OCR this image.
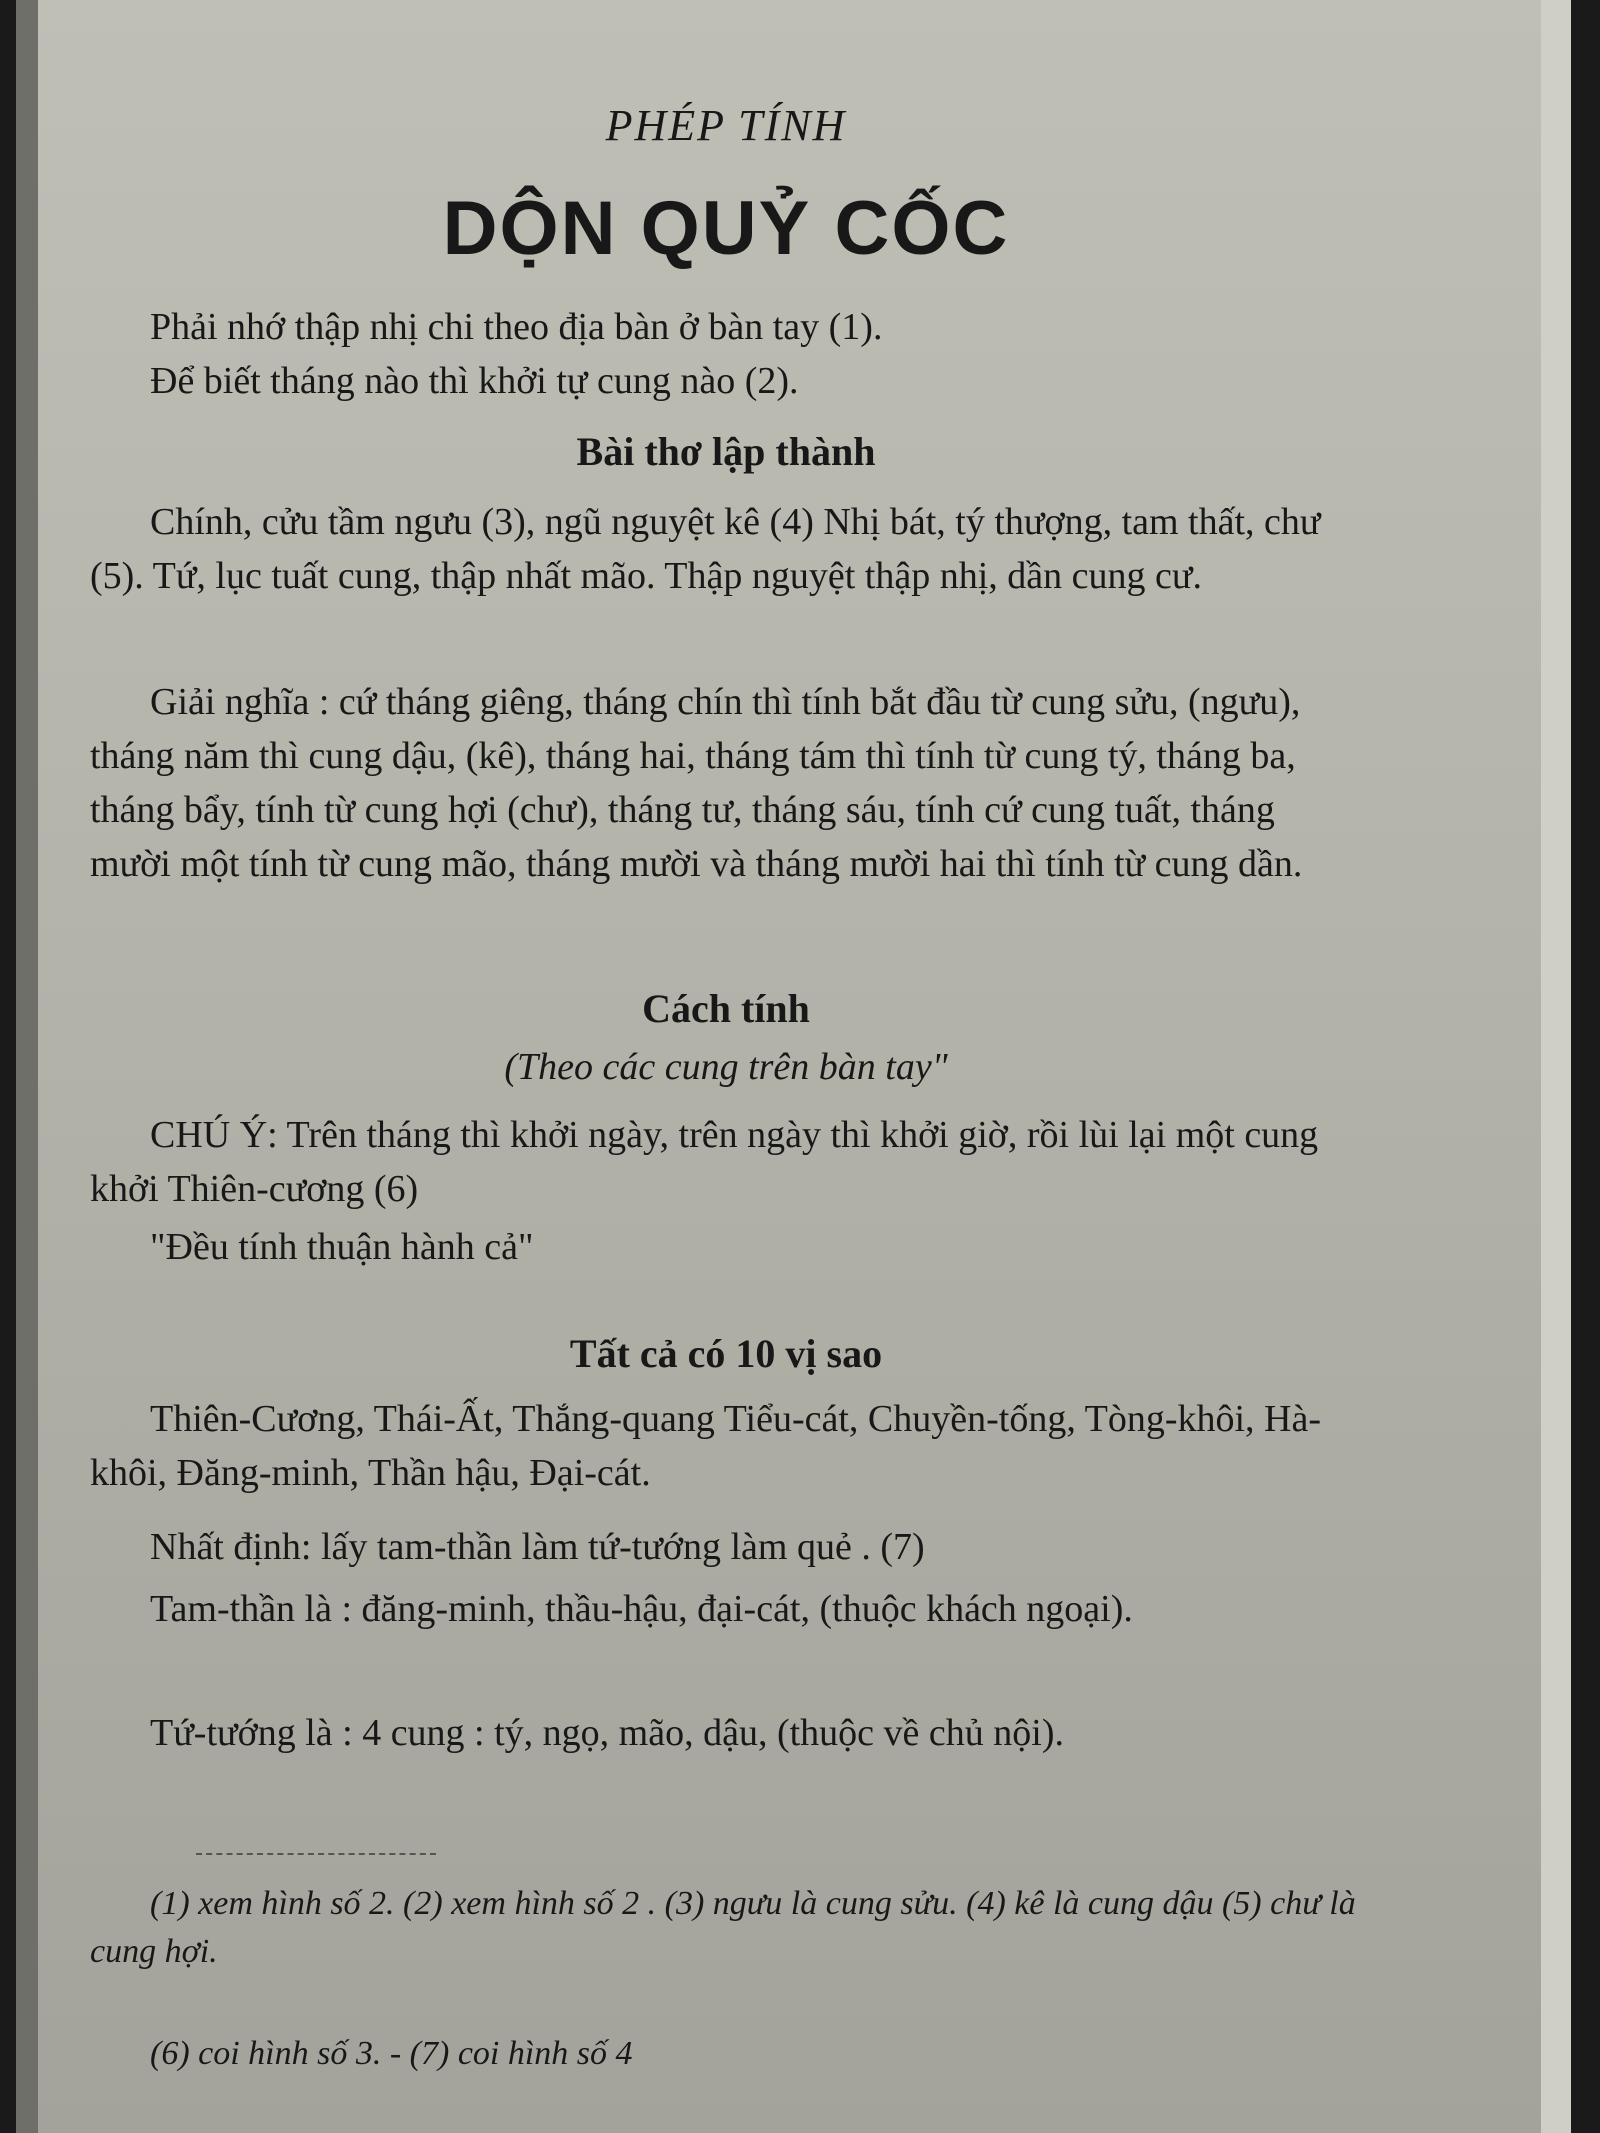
PHÉP TÍNH
DỘN QUỶ CỐC

Phải nhớ thập nhị chi theo địa bàn ở bàn tay (1).

Để biết tháng nào thì khởi tự cung nào (2).

Bài thơ lập thành

Chính, cửu tầm ngưu (3), ngũ nguyệt kê (4) Nhị bát, tý thượng, tam thất, chư (5). Tứ, lục tuất cung, thập nhất mão. Thập nguyệt thập nhị, dần cung cư.

Giải nghĩa : cứ tháng giêng, tháng chín thì tính bắt đầu từ cung sửu, (ngưu), tháng năm thì cung dậu, (kê), tháng hai, tháng tám thì tính từ cung tý, tháng ba, tháng bẩy, tính từ cung hợi (chư), tháng tư, tháng sáu, tính cứ cung tuất, tháng mười một tính từ cung mão, tháng mười và tháng mười hai thì tính từ cung dần.

Cách tính
(Theo các cung trên bàn tay"

CHÚ Ý: Trên tháng thì khởi ngày, trên ngày thì khởi giờ, rồi lùi lại một cung khởi Thiên-cương (6)

"Đều tính thuận hành cả"

Tất cả có 10 vị sao

Thiên-Cương, Thái-Ất, Thắng-quang Tiểu-cát, Chuyền-tống, Tòng-khôi, Hà-khôi, Đăng-minh, Thần hậu, Đại-cát.

Nhất định: lấy tam-thần làm tứ-tướng làm quẻ . (7)

Tam-thần là : đăng-minh, thầu-hậu, đại-cát, (thuộc khách ngoại).

Tứ-tướng là : 4 cung : tý, ngọ, mão, dậu, (thuộc về chủ nội).

(1) xem hình số 2. (2) xem hình số 2 . (3) ngưu là cung sửu. (4) kê là cung dậu (5) chư là cung hợi.

(6) coi hình số 3. - (7) coi hình số 4
